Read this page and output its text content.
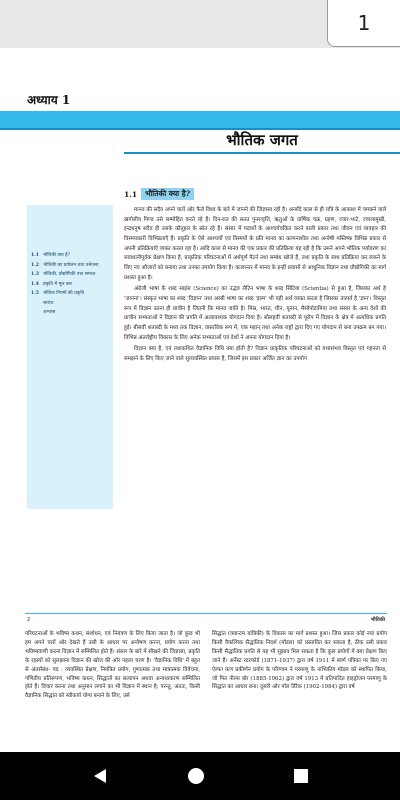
1
अध्याय 1
भौतिक जगत
1.1 भौतिकी क्या है?
1.2 भौतिकी का प्रयोजन तथा उत्तेजना
1.3 भौतिकी, प्रौद्योगिकी तथा समाज
1.4 प्रकृति में मूल बल
1.5 भौतिक नियमों की प्रकृति
सारांश
अभ्यास
1.1	भौतिकी क्या है?

मानव की सदैव अपने चारों ओर फैले विश्व के बारे में जानने की जिज्ञासा रही है। अनादि काल से ही रात्रि के आकाश में चमकने वाले खगोलीय पिण्ड उसे सम्मोहित करते रहे हैं। दिन-रात की सतत पुनरावृत्ति, ऋतुओं के वार्षिक चक्र, ग्रहण, ज्वार-भाटे, ज्वालामुखी, इन्द्रधनुष सदैव ही उसके कौतूहल के स्रोत रहे हैं। संसार में पदार्थों के आश्चर्यचकित करने वाली प्रकार तथा जीवन एवं व्यवहार की विस्मयकारी विभिन्नताएँ हैं। प्रकृति के ऐसे आश्चर्यों एवं विस्मयों के प्रति मानव का कल्पनाशील तथा अन्वेषी मस्तिष्क विभिन्न प्रकार से अपनी प्रतिक्रियाएँ व्यक्त करता रहा है। आदि काल से मानव की एक प्रकार की प्रतिक्रिया यह रही है कि उसने अपने भौतिक पर्यावरण का सावधानीपूर्वक प्रेक्षण किया है, प्राकृतिक परिघटनाओं में अर्थपूर्ण पैटर्न तथा सम्बंध खोजे हैं, तथा प्रकृति के साथ प्रतिक्रिया कर सकने के लिए नए औजारों को बनाया तथा उनका उपयोग किया है। कालान्तर में मानव के इन्हीं प्रयासों से आधुनिक विज्ञान तथा प्रौद्योगिकी का मार्ग प्रशस्त हुआ है।

अंग्रेजी भाषा के शब्द साइंस (Science) का उद्भव लैटिन भाषा के शब्द सिंटिया (Scientia) से हुआ है, जिसका अर्थ है 'जानना'। संस्कृत भाषा का शब्द 'विज्ञान' तथा अरबी भाषा का शब्द 'इल्म' भी यही अर्थ व्यक्त करता है जिसका तात्पर्य है 'ज्ञान'। विस्तृत रूप में विज्ञान उतना ही प्राचीन है जितनी कि मानव जाति है। मिस्र, भारत, चीन, यूनान, मैसोपोटामिया तथा संसार के अन्य देशों की प्राचीन सभ्यताओं ने विज्ञान की प्रगति में अत्यावश्यक योगदान दिया है। सोलहवीं शताब्दी से यूरोप में विज्ञान के क्षेत्र में अत्यधिक प्रगति हुई। बीसवीं शताब्दी के मध्य तक विज्ञान, वास्तविक रूप में, एक महान् तथा अनेक राष्ट्रों द्वारा दिए गए योगदान से बना उपक्रम बन गया। विभिन्न अंतर्राष्ट्रीय विकास के लिए अनेक सभ्यताओं एवं देशों ने अपना योगदान दिया है।

विज्ञान क्या है, एवं तथाकथित वैज्ञानिक विधि क्या होती है? विज्ञान प्राकृतिक परिघटनाओं को यथासंभव विस्तृत एवं गहनता से समझने के लिए किए जाने वाले सुव्यवस्थित प्रयास हैं, जिसमें इस प्रकार अर्जित ज्ञान का उपयोग

2	भौतिकी
परिघटनाओं के भविष्य कथन, संशोधन, एवं नियंत्रण के लिए किया जाता है। जो कुछ भी हम अपने चारों ओर देखते हैं उसी के आधार पर अन्वेषण करना, प्रयोग करना तथा भविष्यवाणी करना विज्ञान में सम्मिलित होते हैं। संसार के बारे में सीखने की जिज्ञासा, प्रकृति के रहस्यों को सुलझाना विज्ञान की खोज की ओर पहला चरण है। 'वैज्ञानिक विधि' में बहुत से अंतर्संबंध- पद : व्यवस्थित प्रेक्षण, नियंत्रित प्रयोग, गुणात्मक तथा मात्रात्मक विवेचना, गणितीय प्रतिरूपण, भविष्य कथन, सिद्धांतों का सत्यापन अथवा अन्यथाकरण सम्मिलित होते हैं। विचार करना तथा अनुमान लगाने का भी विज्ञान में स्थान है; परन्तु, अंततः, किसी वैज्ञानिक सिद्धांत को स्वीकार्य योग्य बनाने के लिए, उसे
सिद्धांत (क्वान्टम यांत्रिकी) के विकास का मार्ग प्रशस्त हुआ। जिस प्रकार कोई नया प्रयोग किसी वैकल्पिक सैद्धांतिक निदर्श (मॉडल) को प्रस्तावित कर सकता है, ठीक उसी प्रकार किसी सैद्धांतिक प्रगति से यह भी सुझाव मिल सकता है कि कुछ प्रयोगों में क्या प्रेक्षण किए जाने हैं। अर्नेस्ट रदरफोर्ड (1871-1937) द्वारा वर्ष 1911 में स्वर्ण पत्रिका पर किए गए ऐल्फा कण प्रकीर्णन प्रयोग के परिणाम ने परमाणु के नाभिकीय मॉडल को स्थापित किया, जो फिर नील्स बोर (1885-1962) द्वारा वर्ष 1913 में प्रतिपादित हाइड्रोजन परमाणु के सिद्धांत का आधार बना। दूसरी ओर पॉल डिरैक (1902-1984) द्वारा वर्ष
